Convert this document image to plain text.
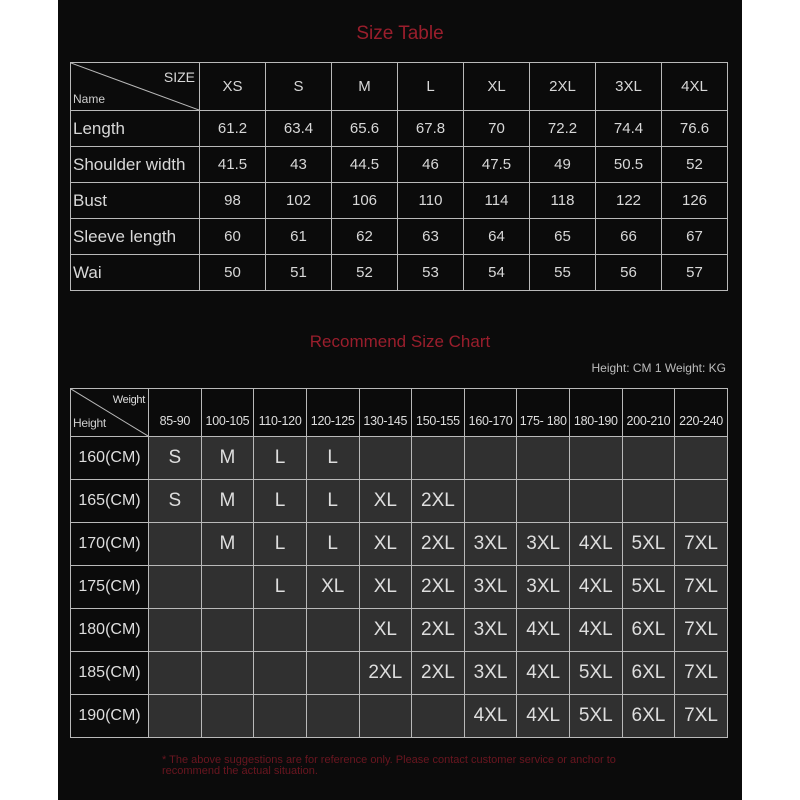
Size Table
SIZE
Name	XS	S	M	L	XL	2XL	3XL	4XL
Length	61.2	63.4	65.6	67.8	70	72.2	74.4	76.6
Shoulder width	41.5	43	44.5	46	47.5	49	50.5	52
Bust	98	102	106	110	114	118	122	126
Sleeve length	60	61	62	63	64	65	66	67
Wai	50	51	52	53	54	55	56	57
Recommend Size Chart
Height: CM 1 Weight: KG
Weight
Height	85-90	100-105	110-120	120-125	130-145	150-155	160-170	175- 180	180-190	200-210	220-240
160(CM)	S	M	L	L							
165(CM)	S	M	L	L	XL	2XL					
170(CM)		M	L	L	XL	2XL	3XL	3XL	4XL	5XL	7XL
175(CM)			L	XL	XL	2XL	3XL	3XL	4XL	5XL	7XL
180(CM)					XL	2XL	3XL	4XL	4XL	6XL	7XL
185(CM)					2XL	2XL	3XL	4XL	5XL	6XL	7XL
190(CM)							4XL	4XL	5XL	6XL	7XL
* The above suggestions are for reference only. Please contact customer service or anchor to recommend the actual situation.
